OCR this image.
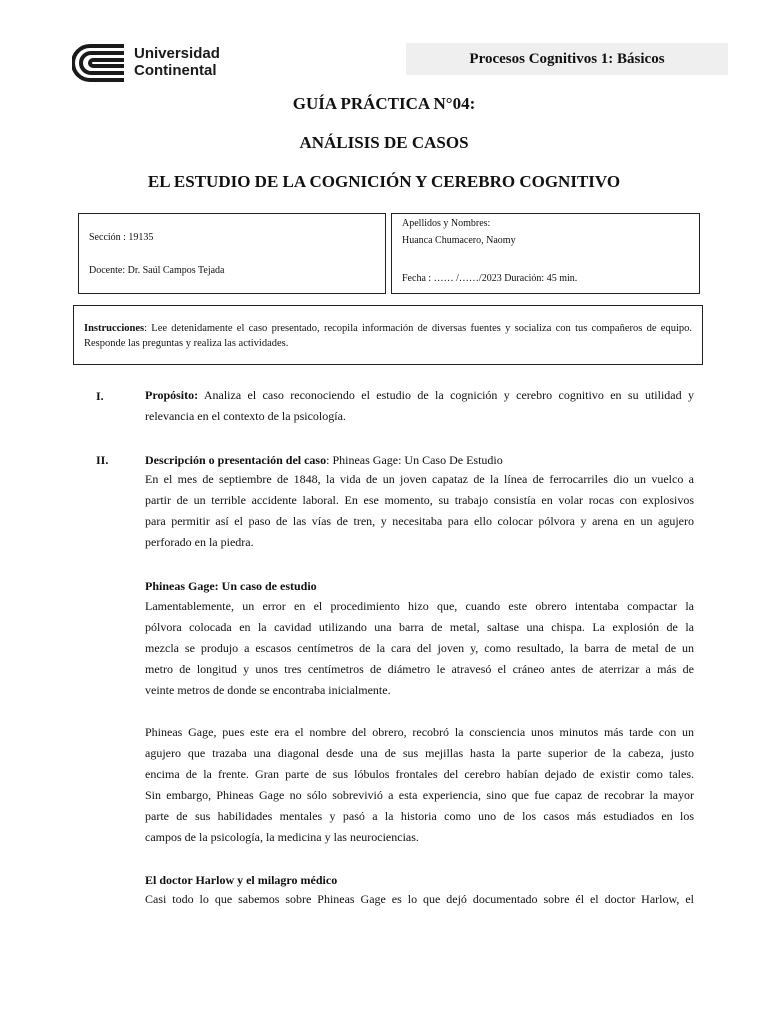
Universidad
Continental
Procesos Cognitivos 1: Básicos
GUÍA PRÁCTICA N°04:
ANÁLISIS DE CASOS
EL ESTUDIO DE LA COGNICIÓN Y CEREBRO COGNITIVO
Sección : 19135
Docente: Dr. Saúl Campos Tejada
Apellidos y Nombres:
Huanca Chumacero, Naomy
Fecha : …… /……/2023 Duración: 45 min.
Instrucciones: Lee detenidamente el caso presentado, recopila información de diversas fuentes y socializa con tus compañeros de equipo. Responde las preguntas y realiza las actividades.
I.	Propósito: Analiza el caso reconociendo el estudio de la cognición y cerebro cognitivo en su utilidad y
relevancia en el contexto de la psicología.
II.	Descripción o presentación del caso: Phineas Gage: Un Caso De Estudio
En el mes de septiembre de 1848, la vida de un joven capataz de la línea de ferrocarriles dio un vuelco a
partir de un terrible accidente laboral. En ese momento, su trabajo consistía en volar rocas con explosivos
para permitir así el paso de las vías de tren, y necesitaba para ello colocar pólvora y arena en un agujero
perforado en la piedra.
Phineas Gage: Un caso de estudio
Lamentablemente, un error en el procedimiento hizo que, cuando este obrero intentaba compactar la
pólvora colocada en la cavidad utilizando una barra de metal, saltase una chispa. La explosión de la
mezcla se produjo a escasos centímetros de la cara del joven y, como resultado, la barra de metal de un
metro de longitud y unos tres centímetros de diámetro le atravesó el cráneo antes de aterrizar a más de
veinte metros de donde se encontraba inicialmente.
Phineas Gage, pues este era el nombre del obrero, recobró la consciencia unos minutos más tarde con un
agujero que trazaba una diagonal desde una de sus mejillas hasta la parte superior de la cabeza, justo
encima de la frente. Gran parte de sus lóbulos frontales del cerebro habían dejado de existir como tales.
Sin embargo, Phineas Gage no sólo sobrevivió a esta experiencia, sino que fue capaz de recobrar la mayor
parte de sus habilidades mentales y pasó a la historia como uno de los casos más estudiados en los
campos de la psicología, la medicina y las neurociencias.
El doctor Harlow y el milagro médico
Casi todo lo que sabemos sobre Phineas Gage es lo que dejó documentado sobre él el doctor Harlow, el
